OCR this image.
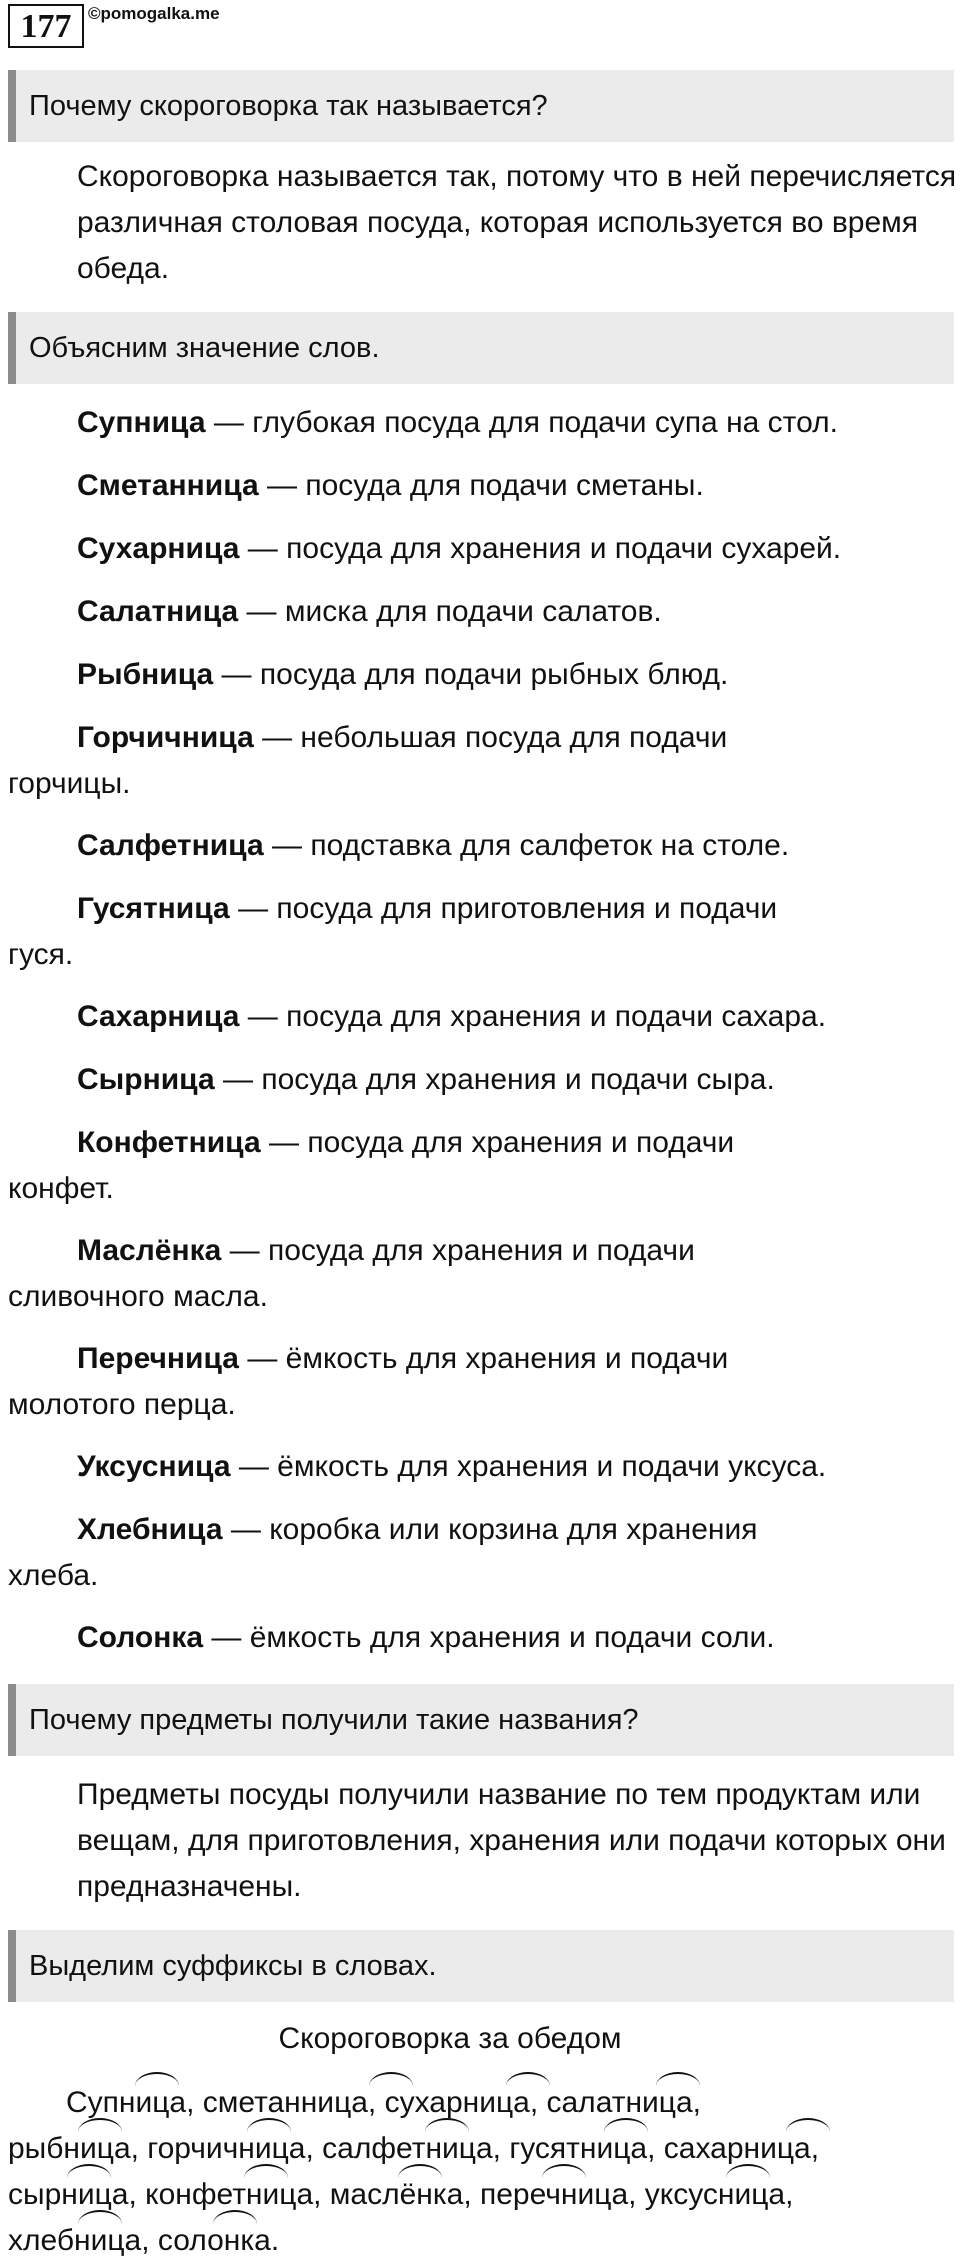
177 ©pomogalka.me
Почему скороговорка так называется?
Скороговорка называется так, потому что в ней перечисляется различная столовая посуда, которая используется во время обеда.
Объясним значение слов.
Супница — глубокая посуда для подачи супа на стол.
Сметанница — посуда для подачи сметаны.
Сухарница — посуда для хранения и подачи сухарей.
Салатница — миска для подачи салатов.
Рыбница — посуда для подачи рыбных блюд.
Горчичница — небольшая посуда для подачи
горчицы.
Салфетница — подставка для салфеток на столе.
Гусятница — посуда для приготовления и подачи
гуся.
Сахарница — посуда для хранения и подачи сахара.
Сырница — посуда для хранения и подачи сыра.
Конфетница — посуда для хранения и подачи
конфет.
Маслёнка — посуда для хранения и подачи
сливочного масла.
Перечница — ёмкость для хранения и подачи
молотого перца.
Уксусница — ёмкость для хранения и подачи уксуса.
Хлебница — коробка или корзина для хранения
хлеба.
Солонка — ёмкость для хранения и подачи соли.
Почему предметы получили такие названия?
Предметы посуды получили название по тем продуктам или вещам, для приготовления, хранения или подачи которых они предназначены.
Выделим суффиксы в словах.
Скороговорка за обедом
Супница, сметанница, сухарница, салатница,
рыбница, горчичница, салфетница, гусятница, сахарница,
сырница, конфетница, маслёнка, перечница, уксусница,
хлебница, солонка.
